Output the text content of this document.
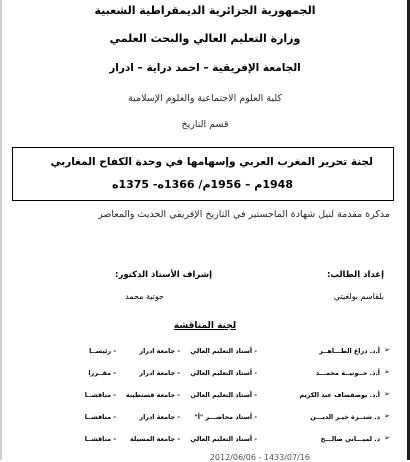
الجمهورية الجزائرية الديمقراطية الشعبية
وزارة التعليم العالي والبحث العلمي
الجامعة الإفريقية – احمد دراية – ادرار
كلية العلوم الاجتماعية والعلوم الإسلامية
قسم التاريخ
لجنة تحرير المغرب العربي وإسهامها في وحدة الكفاح المغاربي
1948م – 1956م/ 1366ه- 1375ه
مذكرة مقدمة لنيل شهادة الماجستير في التاريخ الإفريقي الحديث والمعاصر
إعداد الطالب:
بلقاسم بولغيتي
إشراف الأستاذ الدكتور:
حوتية محمد
لجنة المناقشة
➢
أ.د. دراع الطـــاهــر
- أستاذ التعليم العالي
- جامعة ادرار
- رئيســا
➢
أ.د. حــوتيــة محمـــد
- أستاذ التعليم العالي
- جامعة ادرار
- مقــررا
➢
أ.د. بوصفصاف عبد الكريم
- أستاذ التعليم العالي
- جامعة قسنطينة
- مناقشــا
➢
د. شتــرة خيـر الديـــن
- أستاذ محاضـــر "أ"
- جامعة ادرار
- مناقشــا
➢
د. لميـــاني صالـــح
- أستاذ التعليم العالي
- جامعة المسيلة
- مناقشــا
2012/06/06 - 1433/07/16
